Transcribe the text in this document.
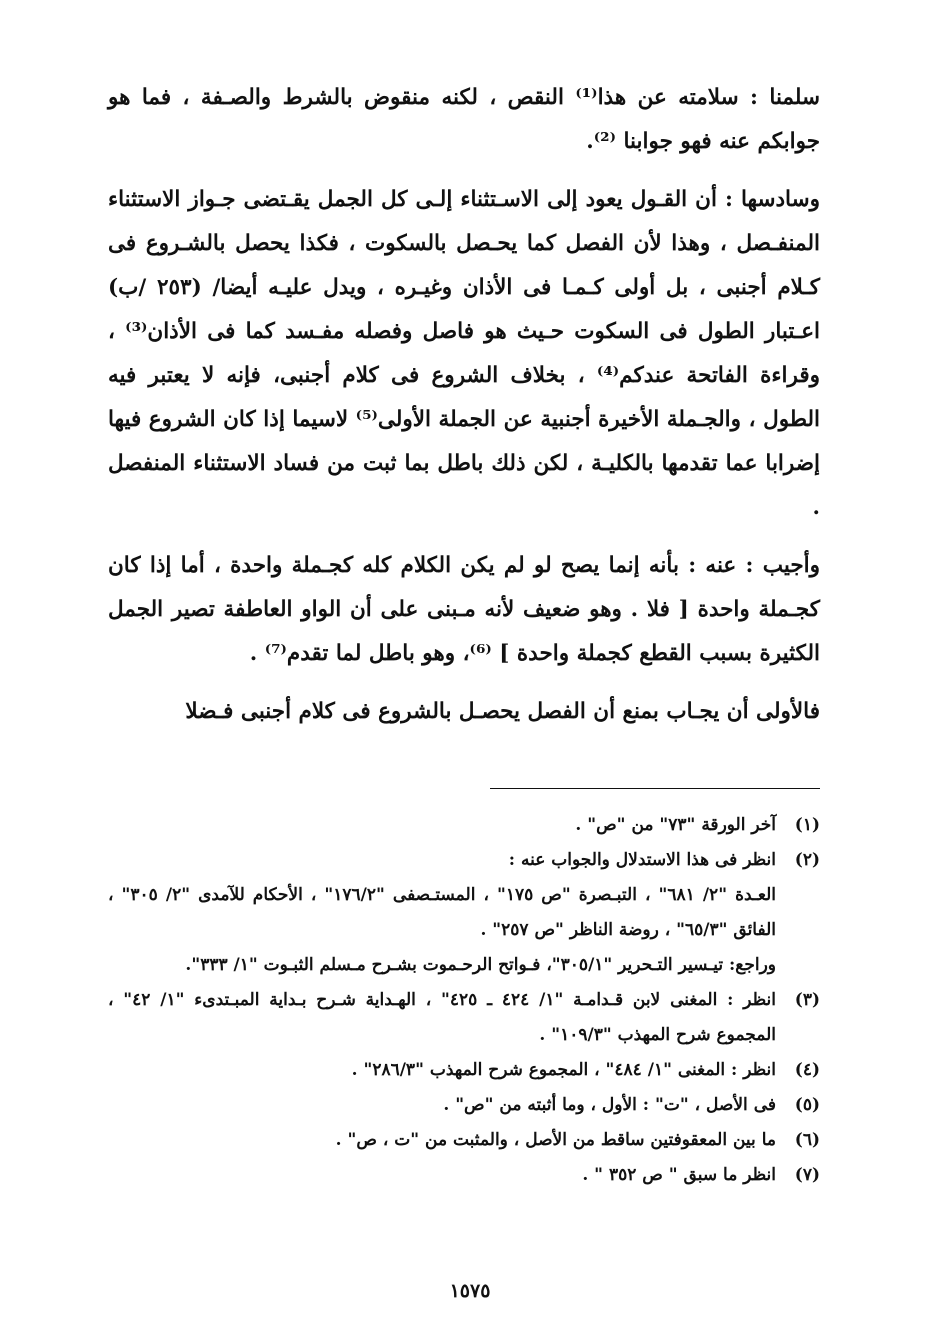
سلمنا : سلامته عن هذا⁽¹⁾ النقص ، لكنه منقوض بالشرط والصـفة ، فما هو جوابكم عنه فهو جوابنا ⁽²⁾.

وسادسها : أن القـول يعود إلى الاسـتثناء إلـى كل الجمل يقـتضى جـواز الاستثناء المنفـصل ، وهذا لأن الفصل كما يحـصل بالسكوت ، فكذا يحصل بالشـروع فى كـلام أجنبى ، بل أولى كـمـا فى الأذان وغيـره ، ويدل عليـه أيضا/ (٢٥٣ /ب) اعـتبار الطول فى السكوت حـيث هو فاصل وفصله مفـسد كما فى الأذان⁽³⁾ ، وقراءة الفاتحة عندكم⁽⁴⁾ ، بخلاف الشروع فى كلام أجنبى، فإنه لا يعتبر فيه الطول ، والجـملة الأخيرة أجنبية عن الجملة الأولى⁽⁵⁾ لاسيما إذا كان الشروع فيها إضرابا عما تقدمها بالكليـة ، لكن ذلك باطل بما ثبت من فساد الاستثناء المنفصل .

وأجيب : عنه : بأنه إنما يصح لو لم يكن الكلام كله كجـملة واحدة ، أما إذا كان كجـملة واحدة [ فلا . وهو ضعيف لأنه مـبنى على أن الواو العاطفة تصير الجمل الكثيرة بسبب القطع كجملة واحدة ] ⁽⁶⁾، وهو باطل لما تقدم⁽⁷⁾ .

فالأولى أن يجـاب بمنع أن الفصل يحصـل بالشروع فى كلام أجنبى فـضلا

(١)
آخر الورقة "٧٣" من "ص" .
(٢)
انظر فى هذا الاستدلال والجواب عنه :
العـدة "٢/ ٦٨١" ، التبـصرة "ص ١٧٥" ، المستـصفى "١٧٦/٢" ، الأحكام للآمدى "٢/ ٣٠٥" ، الفائق "٦٥/٣" ، روضة الناظر "ص ٢٥٧" .
وراجع: تيـسير التـحرير "٣٠٥/١"، فـواتح الرحـموت بشـرح مـسلم الثبـوت "١/ ٣٣٣".
(٣)
انظر : المغنى لابن قـدامـة "١/ ٤٢٤ ـ ٤٢٥" ، الهـداية شـرح بـداية المبـتدىء "١/ ٤٢" ، المجموع شرح المهذب "١٠٩/٣" .
(٤)
انظر : المغنى "١/ ٤٨٤" ، المجموع شرح المهذب "٢٨٦/٣" .
(٥)
فى الأصل ، "ت" : الأول ، وما أثبته من "ص" .
(٦)
ما بين المعقوفتين ساقط من الأصل ، والمثبت من "ت ، ص" .
(٧)
انظر ما سبق " ص ٣٥٢ " .
١٥٧٥
